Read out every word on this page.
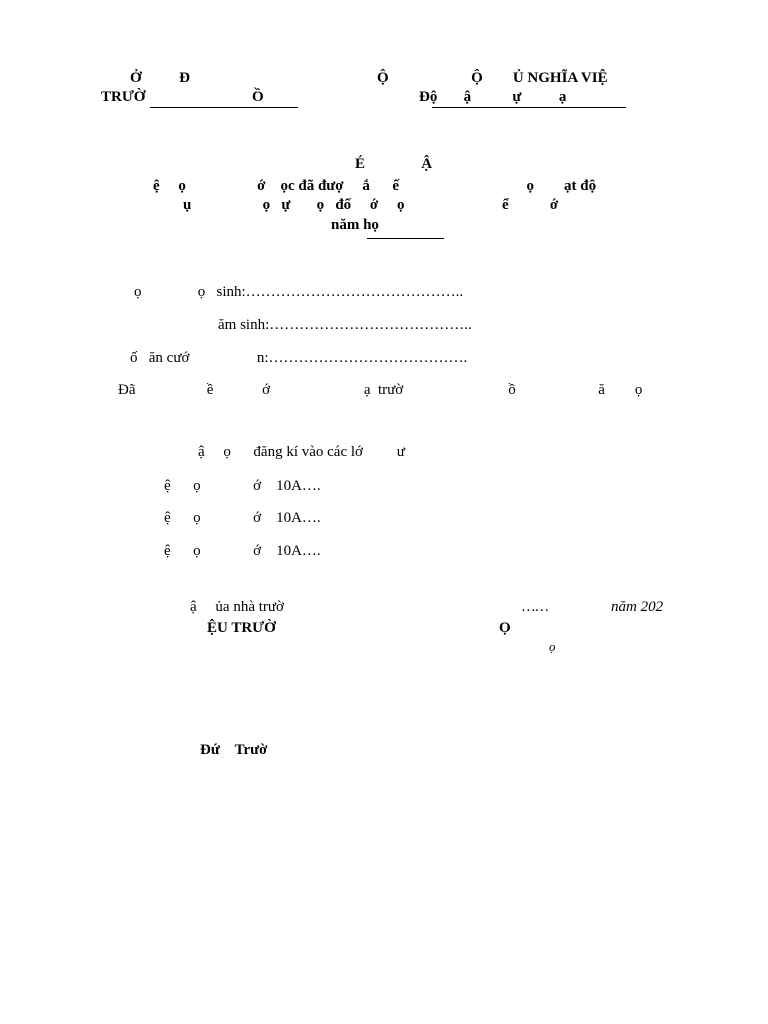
Ở          Đ
TRƯỜ	Ồ
Ộ                      Ộ        Ủ NGHĨA VIỆ
Độ       ậ           ự          ạ
É               Ậ
ệ     ọ                   ớ    ọc đã đượ     ắ      ế                                  ọ        ạt độ
ụ                   ọ   ự       ọ   đố     ớ     ọ                          ể           ớ
năm họ
ọ               ọ   sinh:……………………………………..
ăm sinh:…………………………………..
ố   ăn cướ                  n:………………………………….
Đã                   ề             ớ                         ạ  trườ                            ồ                      ă        ọ
ậ     ọ      đăng kí vào các lớ         ư
ệ      ọ              ớ    10A….
ệ      ọ              ớ    10A….
ệ      ọ              ớ    10A….
ậ     ủa nhà trườ	……	năm 202
ỆU TRƯỜ	Ọ
ọ
Đứ    Trườ
